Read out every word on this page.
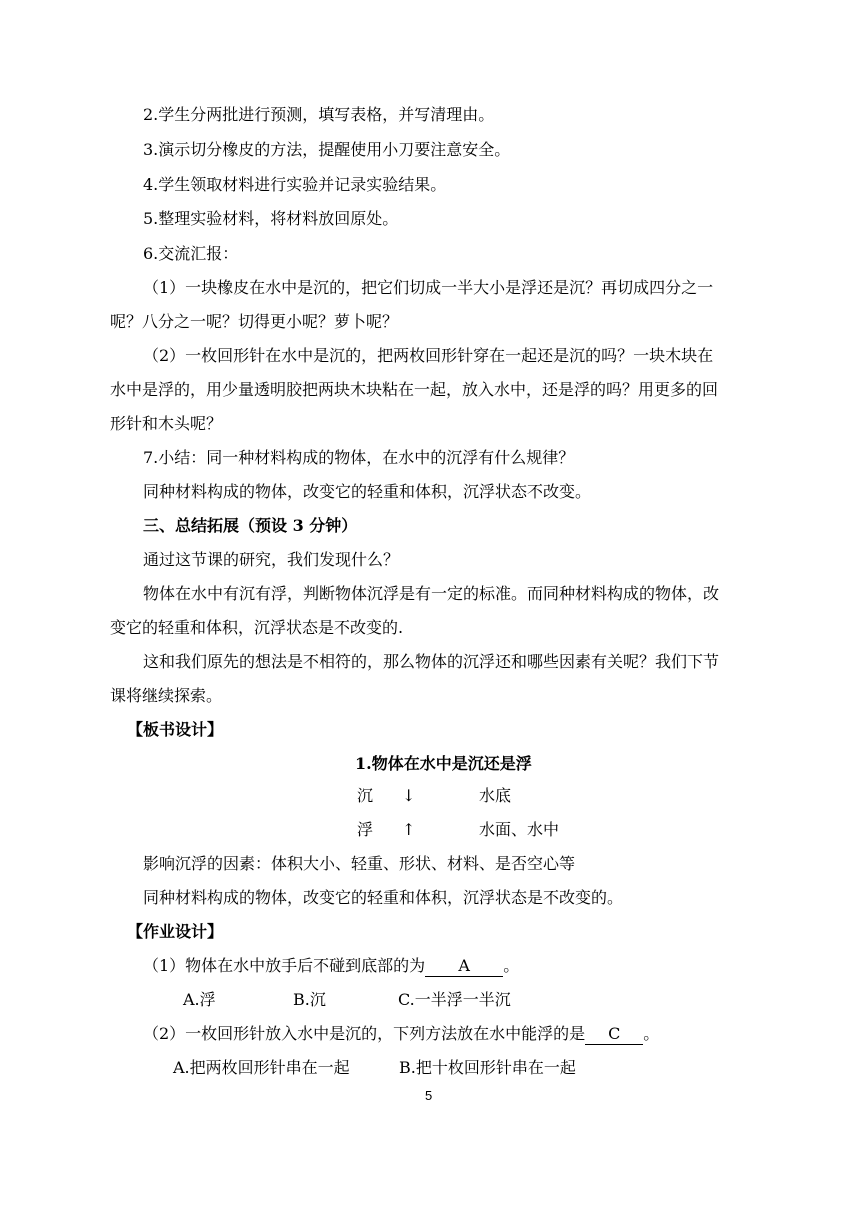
2.学生分两批进行预测，填写表格，并写清理由。
3.演示切分橡皮的方法，提醒使用小刀要注意安全。
4.学生领取材料进行实验并记录实验结果。
5.整理实验材料，将材料放回原处。
6.交流汇报：
（1）一块橡皮在水中是沉的，把它们切成一半大小是浮还是沉？再切成四分之一
呢？八分之一呢？切得更小呢？萝卜呢？
（2）一枚回形针在水中是沉的，把两枚回形针穿在一起还是沉的吗？一块木块在
水中是浮的，用少量透明胶把两块木块粘在一起，放入水中，还是浮的吗？用更多的回
形针和木头呢？
7.小结：同一种材料构成的物体，在水中的沉浮有什么规律？
同种材料构成的物体，改变它的轻重和体积，沉浮状态不改变。
三、总结拓展（预设 3 分钟）
通过这节课的研究，我们发现什么？
物体在水中有沉有浮，判断物体沉浮是有一定的标准。而同种材料构成的物体，改
变它的轻重和体积，沉浮状态是不改变的.
这和我们原先的想法是不相符的，那么物体的沉浮还和哪些因素有关呢？我们下节
课将继续探索。
【板书设计】
1.物体在水中是沉还是浮
沉 ↓	水底
浮 ↑	水面、水中
影响沉浮的因素：体积大小、轻重、形状、材料、是否空心等
同种材料构成的物体，改变它的轻重和体积，沉浮状态是不改变的。
【作业设计】
（1）物体在水中放手后不碰到底部的为 A 。
A.浮	B.沉	C.一半浮一半沉
（2）一枚回形针放入水中是沉的，下列方法放在水中能浮的是 C 。
A.把两枚回形针串在一起	B.把十枚回形针串在一起
5
